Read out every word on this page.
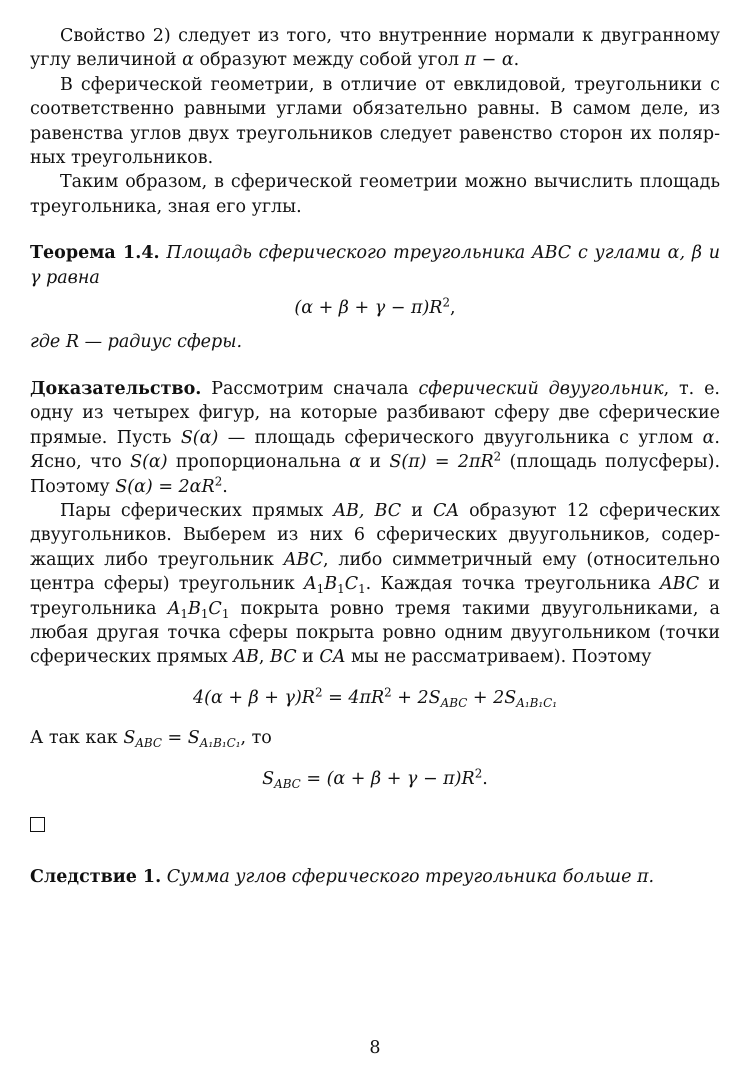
Свойство 2) следует из того, что внутренние нормали к двугранному углу величиной α образуют между собой угол π − α.

В сферической геометрии, в отличие от евклидовой, треугольники с соответственно равными углами обязательно равны. В самом деле, из равенства углов двух треугольников следует равенство сторон их полярных треугольников.

Таким образом, в сферической геометрии можно вычислить площадь треугольника, зная его углы.

Теорема 1.4. Площадь сферического треугольника ABC с углами α, β и γ равна

$(\alpha + \beta + \gamma - \pi)R^2$,

где R — радиус сферы.

Доказательство. Рассмотрим сначала сферический двуугольник, т. е. одну из четырех фигур, на которые разбивают сферу две сферические прямые. Пусть S(α) — площадь сферического двуугольника с углом α. Ясно, что S(α) пропорциональна α и $S(\pi) = 2\pi R^2$ (площадь полусферы). Поэтому $S(\alpha) = 2\alpha R^2$.

Пары сферических прямых AB, BC и CA образуют 12 сферических двуугольников. Выберем из них 6 сферических двуугольников, содержащих либо треугольник ABC, либо симметричный ему (относительно центра сферы) треугольник $A_1B_1C_1$. Каждая точка треугольника ABC и треугольника $A_1B_1C_1$ покрыта ровно тремя такими двуугольниками, а любая другая точка сферы покрыта ровно одним двуугольником (точки сферических прямых AB, BC и CA мы не рассматриваем). Поэтому

$4(\alpha + \beta + \gamma)R^2 = 4\pi R^2 + 2S_{ABC} + 2S_{A_1B_1C_1}$

А так как $S_{ABC} = S_{A_1B_1C_1}$, то

$S_{ABC} = (\alpha + \beta + \gamma - \pi)R^2$.

Следствие 1. Сумма углов сферического треугольника больше π.

8
